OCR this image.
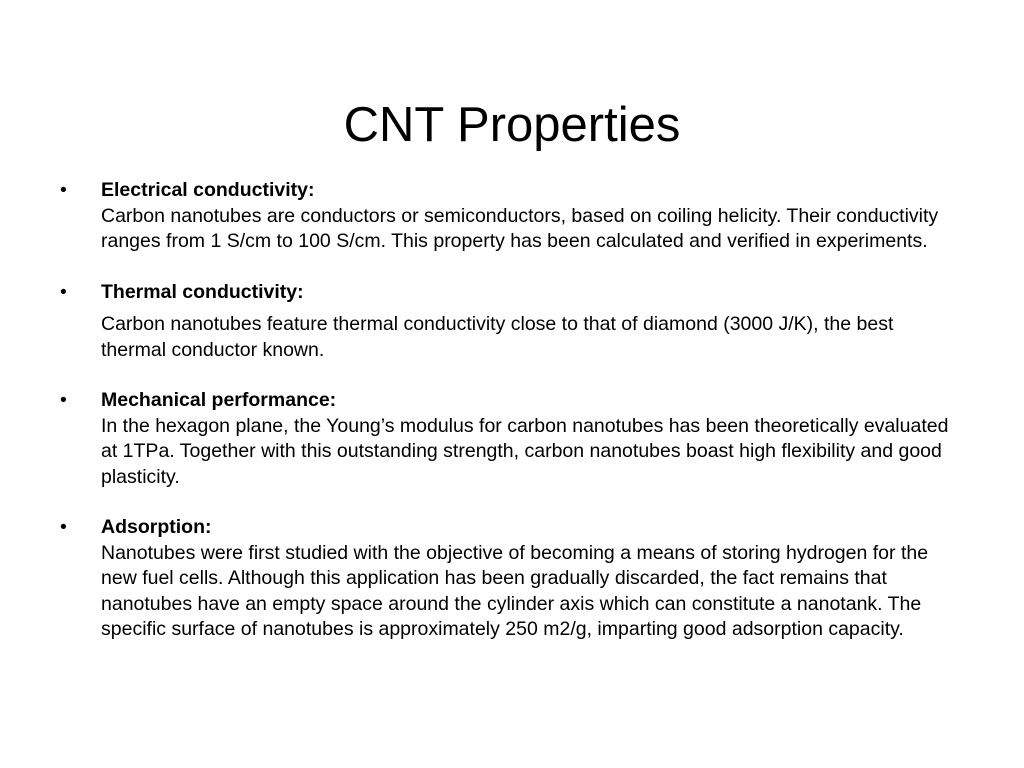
CNT Properties
•	Electrical conductivity:
Carbon nanotubes are conductors or semiconductors, based on coiling helicity. Their conductivity ranges from 1 S/cm to 100 S/cm. This property has been calculated and verified in experiments.
•	Thermal conductivity:
Carbon nanotubes feature thermal conductivity close to that of diamond (3000 J/K), the best thermal conductor known.
•	Mechanical performance:
In the hexagon plane, the Young’s modulus for carbon nanotubes has been theoretically evaluated at 1TPa. Together with this outstanding strength, carbon nanotubes boast high flexibility and good plasticity.
•	Adsorption:
Nanotubes were first studied with the objective of becoming a means of storing hydrogen for the new fuel cells. Although this application has been gradually discarded, the fact remains that nanotubes have an empty space around the cylinder axis which can constitute a nanotank. The specific surface of nanotubes is approximately 250 m2/g, imparting good adsorption capacity.
